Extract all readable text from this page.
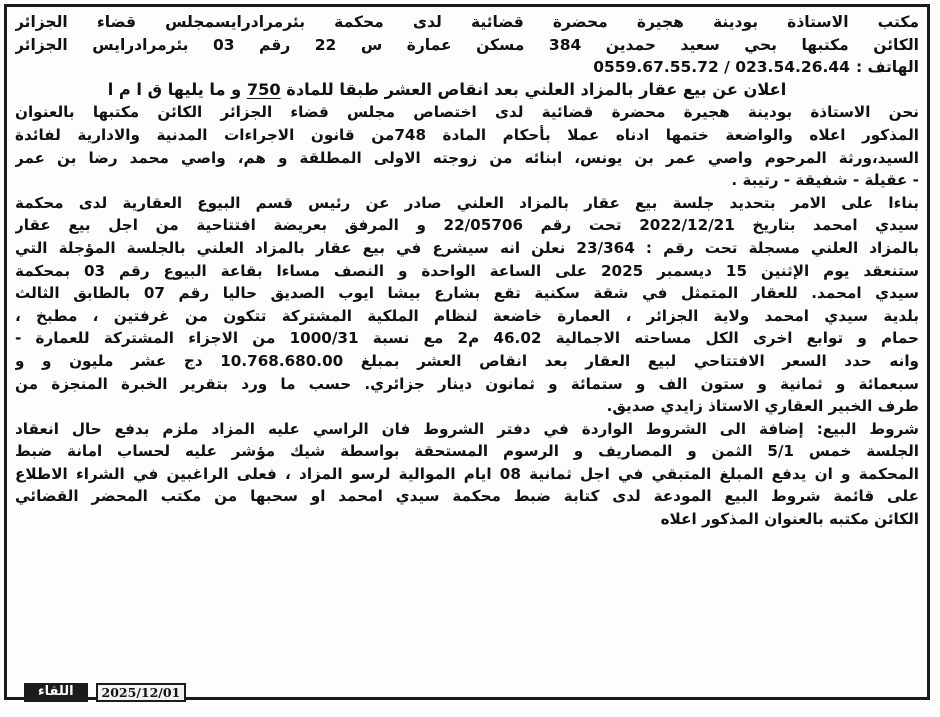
مكتب الاستاذة بودينة هجيرة محضرة قضائية لدى محكمة بئرمرادرايسمجلس قضاء الجزائر
الكائن مكتبها بحي سعيد حمدين 384 مسكن عمارة س 22 رقم 03 بئرمرادرايس الجزائر
الهاتف :
0559.67.55.72 / 023.54.26.44
اعلان عن بيع عقار بالمزاد العلني بعد انقاص العشر طبقا للمادة 750 و ما يليها ق ا م ا
نحن الاستاذة بودينة هجيرة محضرة قضائية لدى اختصاص مجلس قضاء الجزائر الكائن مكتبها بالعنوان
المذكور اعلاه والواضعة ختمها ادناه عملا بأحكام المادة 748من قانون الاجراءات المدنية والادارية لفائدة
السيد،ورثة المرحوم واصي عمر بن يونس، ابنائه من زوجته الاولى المطلقة و هم، واصي محمد رضا بن عمر
- عقيلة - شفيقة - رتيبة .
بناءا على الامر بتحديد جلسة بيع عقار بالمزاد العلني صادر عن رئيس قسم البيوع العقارية لدى محكمة
سيدي امحمد بتاريخ 2022/12/21 تحت رقم 22/05706 و المرفق بعريضة افتتاحية من اجل بيع عقار
بالمزاد العلني مسجلة تحت رقم : 23/364 نعلن انه سيشرع في بيع عقار بالمزاد العلني بالجلسة المؤجلة التي
ستنعقد يوم الإثنين 15 ديسمبر 2025 على الساعة الواحدة و النصف مساءا بقاعة البيوع رقم 03 بمحكمة
سيدي امحمد. للعقار المتمثل في شقة سكنية تقع بشارع بيشا ايوب الصديق حاليا رقم 07 بالطابق الثالث
بلدية سيدي امحمد ولاية الجزائر ، العمارة خاضعة لنظام الملكية المشتركة تتكون من غرفتين ، مطبخ ،
حمام و توابع اخرى الكل مساحته الاجمالية 46.02 م2 مع نسبة 1000/31 من الاجزاء المشتركة للعمارة -
وانه حدد السعر الافتتاحي لبيع العقار بعد انقاص العشر بمبلغ 10.768.680.00 دج عشر مليون و و
سبعمائة و ثمانية و ستون الف و ستمائة و ثمانون دينار جزائري. حسب ما ورد بتقرير الخبرة المنجزة من
طرف الخبير العقاري الاستاذ زايدي صديق.
شروط البيع: إضافة الى الشروط الواردة في دفتر الشروط فان الراسي عليه المزاد ملزم بدفع حال انعقاد
الجلسة خمس 5/1 الثمن و المصاريف و الرسوم المستحقة بواسطة شيك مؤشر عليه لحساب امانة ضبط
المحكمة و ان يدفع المبلغ المتبقي في اجل ثمانية 08 ايام الموالية لرسو المزاد ، فعلى الراغبين في الشراء الاطلاع
على قائمة شروط البيع المودعة لدى كتابة ضبط محكمة سيدي امحمد او سحبها من مكتب المحضر القضائي
الكائن مكتبه بالعنوان المذكور اعلاه
اللقاء	2025/12/01
